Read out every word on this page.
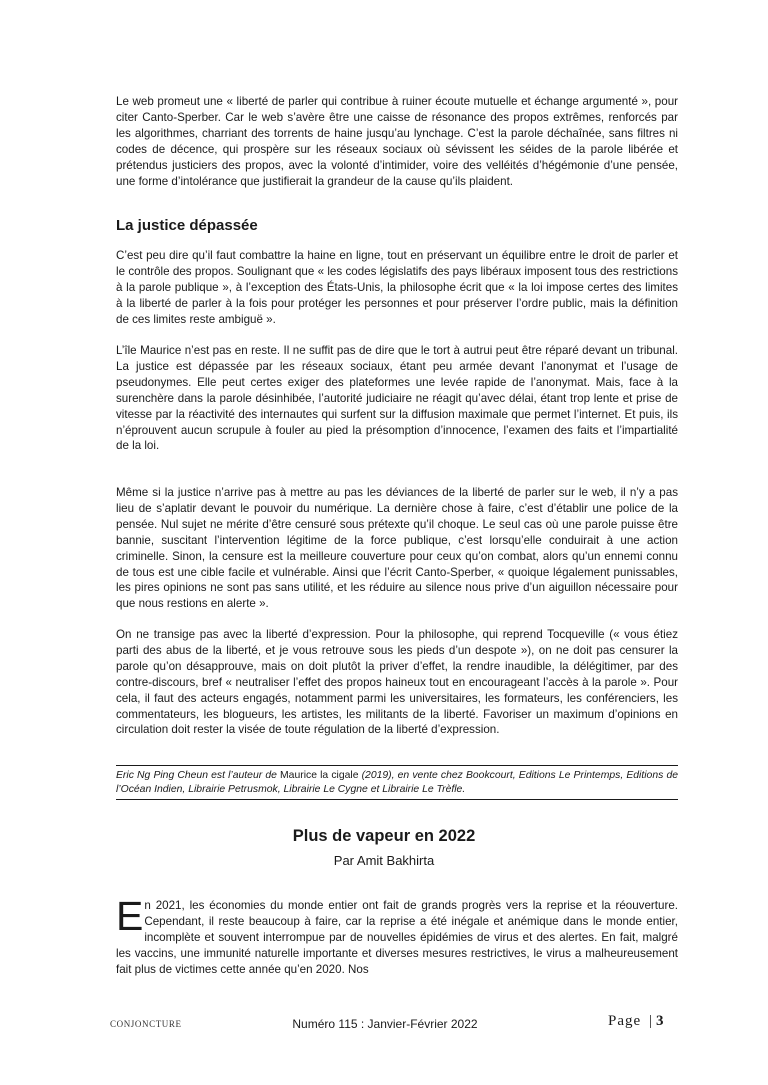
Le web promeut une « liberté de parler qui contribue à ruiner écoute mutuelle et échange argumenté », pour citer Canto-Sperber. Car le web s’avère être une caisse de résonance des propos extrêmes, renforcés par les algorithmes, charriant des torrents de haine jusqu’au lynchage. C’est la parole déchaînée, sans filtres ni codes de décence, qui prospère sur les réseaux sociaux où sévissent les séides de la parole libérée et prétendus justiciers des propos, avec la volonté d’intimider, voire des velléités d’hégémonie d’une pensée, une forme d’intolérance que justifierait la grandeur de la cause qu’ils plaident.

La justice dépassée

C’est peu dire qu’il faut combattre la haine en ligne, tout en préservant un équilibre entre le droit de parler et le contrôle des propos. Soulignant que « les codes législatifs des pays libéraux imposent tous des restrictions à la parole publique », à l’exception des États-Unis, la philosophe écrit que « la loi impose certes des limites à la liberté de parler à la fois pour protéger les personnes et pour préserver l’ordre public, mais la définition de ces limites reste ambiguë ».

L’île Maurice n’est pas en reste. Il ne suffit pas de dire que le tort à autrui peut être réparé devant un tribunal. La justice est dépassée par les réseaux sociaux, étant peu armée devant l’anonymat et l’usage de pseudonymes. Elle peut certes exiger des plateformes une levée rapide de l’anonymat. Mais, face à la surenchère dans la parole désinhibée, l’autorité judiciaire ne réagit qu’avec délai, étant trop lente et prise de vitesse par la réactivité des internautes qui surfent sur la diffusion maximale que permet l’internet. Et puis, ils n’éprouvent aucun scrupule à fouler au pied la présomption d’innocence, l’examen des faits et l’impartialité de la loi.

Même si la justice n’arrive pas à mettre au pas les déviances de la liberté de parler sur le web, il n’y a pas lieu de s’aplatir devant le pouvoir du numérique. La dernière chose à faire, c’est d’établir une police de la pensée. Nul sujet ne mérite d’être censuré sous prétexte qu’il choque. Le seul cas où une parole puisse être bannie, suscitant l’intervention légitime de la force publique, c’est lorsqu’elle conduirait à une action criminelle. Sinon, la censure est la meilleure couverture pour ceux qu’on combat, alors qu’un ennemi connu de tous est une cible facile et vulnérable. Ainsi que l’écrit Canto-Sperber, « quoique légalement punissables, les pires opinions ne sont pas sans utilité, et les réduire au silence nous prive d’un aiguillon nécessaire pour que nous restions en alerte ».

On ne transige pas avec la liberté d’expression. Pour la philosophe, qui reprend Tocqueville (« vous étiez parti des abus de la liberté, et je vous retrouve sous les pieds d’un despote »), on ne doit pas censurer la parole qu’on désapprouve, mais on doit plutôt la priver d’effet, la rendre inaudible, la délégitimer, par des contre-discours, bref « neutraliser l’effet des propos haineux tout en encourageant l’accès à la parole ». Pour cela, il faut des acteurs engagés, notamment parmi les universitaires, les formateurs, les conférenciers, les commentateurs, les blogueurs, les artistes, les militants de la liberté. Favoriser un maximum d’opinions en circulation doit rester la visée de toute régulation de la liberté d’expression.

Eric Ng Ping Cheun est l’auteur de Maurice la cigale (2019), en vente chez Bookcourt, Editions Le Printemps, Editions de l’Océan Indien, Librairie Petrusmok, Librairie Le Cygne et Librairie Le Trèfle.

Plus de vapeur en 2022

Par Amit Bakhirta

En 2021, les économies du monde entier ont fait de grands progrès vers la reprise et la réouverture. Cependant, il reste beaucoup à faire, car la reprise a été inégale et anémique dans le monde entier, incomplète et souvent interrompue par de nouvelles épidémies de virus et des alertes. En fait, malgré les vaccins, une immunité naturelle importante et diverses mesures restrictives, le virus a malheureusement fait plus de victimes cette année qu’en 2020. Nos

CONJONCTURE	Numéro 115 : Janvier-Février 2022	Page | 3
